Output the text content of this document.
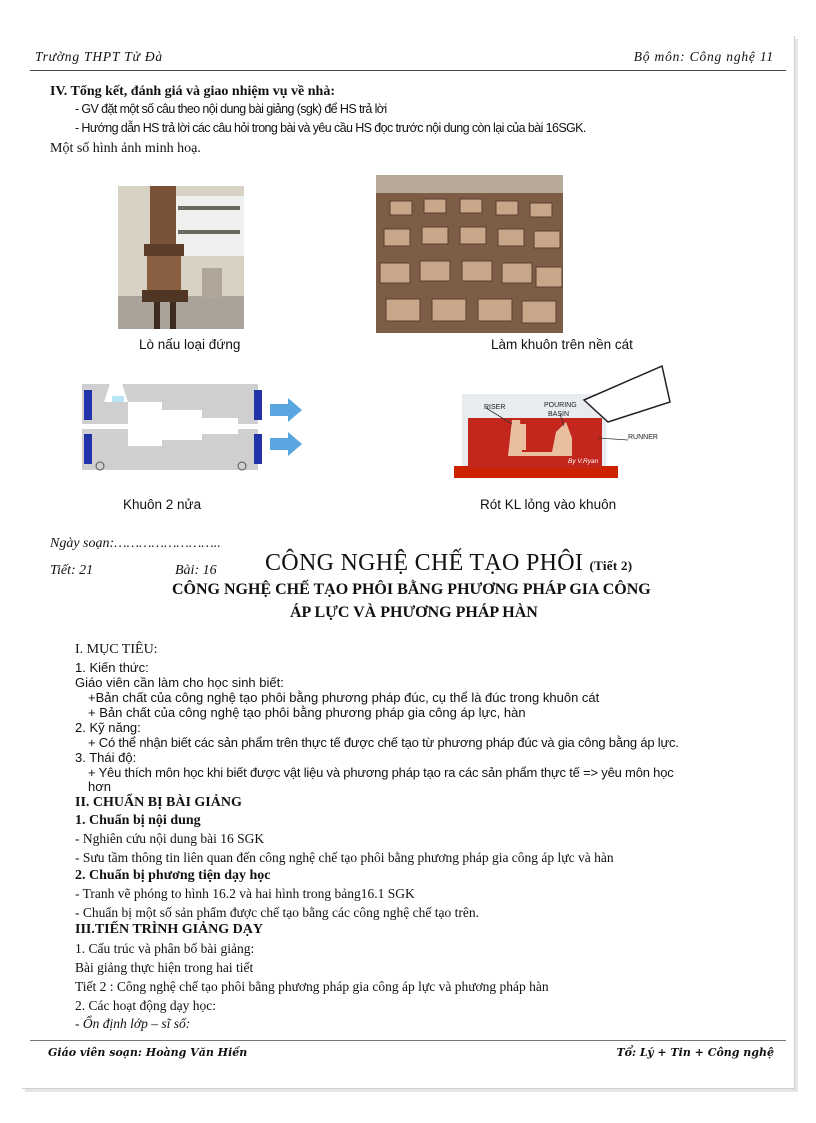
Trường THPT Tử Đà	Bộ môn: Công nghệ 11
IV. Tổng kết, đánh giá và giao nhiệm vụ về nhà:
- GV đặt một số câu theo nội dung bài giảng (sgk) để HS trả lời
- Hướng dẫn HS trả lời các câu hỏi trong bài và yêu cầu HS đọc trước nội dung còn lại của bài 16SGK.
Một số hình ảnh minh hoạ.
Lò nấu loại đứng	Làm khuôn trên nền cát
Khuôn 2 nửa
RISER	POURING
BASIN
RUNNER
By V.Ryan
Rót KL lỏng vào khuôn
Ngày soạn:……………………..
Tiết: 21	Bài: 16 CÔNG NGHỆ CHẾ TẠO PHÔI (Tiết 2)
CÔNG NGHỆ CHẾ TẠO PHÔI BẰNG PHƯƠNG PHÁP GIA CÔNG
ÁP LỰC VÀ PHƯƠNG PHÁP HÀN
I. MỤC TIÊU:
1. Kiến thức:
Giáo viên cần làm cho học sinh biết:
+Bản chất của công nghệ tạo phôi bằng phương pháp đúc, cụ thể là đúc trong khuôn cát
+ Bản chất của công nghệ tạo phôi bằng phương pháp gia công áp lực, hàn
2. Kỹ năng:
+ Có thể nhận biết các sản phẩm trên thực tế được chế tạo từ phương pháp đúc và gia công bằng áp lực.
3. Thái độ:
+ Yêu thích môn học khi biết được vật liệu và phương pháp tạo ra các sản phẩm thực tế => yêu môn học
hơn
II. CHUẨN BỊ BÀI GIẢNG
1. Chuẩn bị nội dung
- Nghiên cứu nội dung bài 16 SGK
- Sưu tầm thông tin liên quan đến công nghệ chế tạo phôi bằng phương pháp gia công áp lực và hàn
2. Chuẩn bị phương tiện dạy học
- Tranh vẽ phóng to hình 16.2 và hai hình trong bảng16.1 SGK
- Chuẩn bị một số sản phẩm được chế tạo bằng các công nghệ chế tạo trên.
III.TIẾN TRÌNH GIẢNG DẠY
1. Cấu trúc và phân bố bài giảng:
Bài giảng thực hiện trong hai tiết
Tiết 2 : Công nghệ chế tạo phôi bằng phương pháp gia công áp lực và phương pháp hàn
2. Các hoạt động dạy học:
- Ổn định lớp – sĩ số:
Giáo viên soạn: Hoàng Văn Hiền	Tổ: Lý + Tin + Công nghệ
